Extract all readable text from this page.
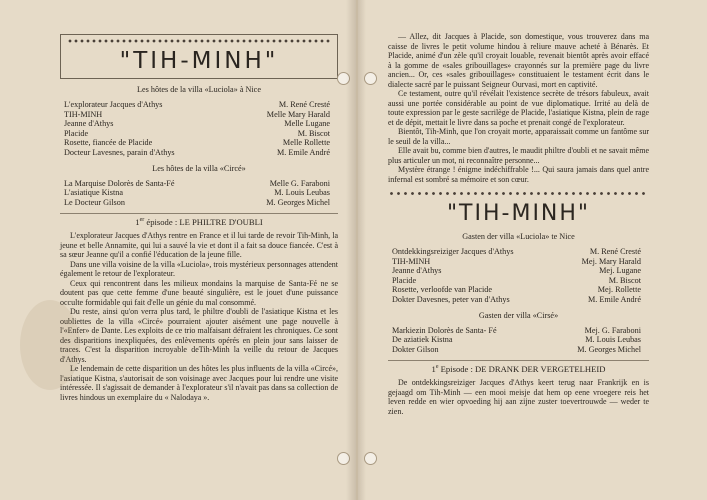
"TIH-MINH"
Les hôtes de la villa «Luciola» à Nice
L'explorateur Jacques d'Athys	M. René Cresté
TIH-MINH	Melle Mary Harald
Jeanne d'Athys	Melle Lugane
Placide	M. Biscot
Rosette, fiancée de Placide	Melle Rollette
Docteur Lavesnes, parain d'Athys	M. Emile André
Les hôtes de la villa «Circé»
La Marquise Dolorès de Santa-Fé	Melle G. Faraboni
L'asiatique Kistna	M. Louis Leubas
Le Docteur Gilson	M. Georges Michel
1er épisode : LE PHILTRE D'OUBLI

L'explorateur Jacques d'Athys rentre en France et il lui tarde de revoir Tih-Minh, la jeune et belle Annamite, qui lui a sauvé la vie et dont il a fait sa douce fiancée. C'est à sa sœur Jeanne qu'il a confié l'éducation de la jeune fille.

Dans une villa voisine de la villa «Luciola», trois mystérieux personnages attendent également le retour de l'explorateur.

Ceux qui rencontrent dans les milieux mondains la marquise de Santa-Fé ne se doutent pas que cette femme d'une beauté singulière, est le jouet d'une puissance occulte formidable qui fait d'elle un génie du mal consommé.

Du reste, ainsi qu'on verra plus tard, le philtre d'oubli de l'asiatique Kistna et les oubliettes de la villa «Circé» pourraient ajouter aisément une page nouvelle à l'«Enfer» de Dante. Les exploits de ce trio malfaisant défraient les chroniques. Ce sont des disparitions inexpliquées, des enlèvements opérés en plein jour sans laisser de traces. C'est la disparition incroyable deTih-Minh la veille du retour de Jacques d'Athys.

Le lendemain de cette disparition un des hôtes les plus influents de la villa «Circé», l'asiatique Kistna, s'autorisait de son voisinage avec Jacques pour lui rendre une visite intéressée. Il s'agissait de demander à l'explorateur s'il n'avait pas dans sa collection de livres hindous un exemplaire du « Nalodaya ».

— Allez, dit Jacques à Placide, son domestique, vous trouverez dans ma caisse de livres le petit volume hindou à reliure mauve acheté à Bénarès. Et Placide, animé d'un zèle qu'il croyait louable, revenait bientôt après avoir effacé à la gomme de «sales gribouillages» crayonnés sur la première page du livre ancien... Or, ces «sales gribouillages» constituaient le testament écrit dans le dialecte sacré par le puissant Seigneur Ourvasi, mort en captivité.

Ce testament, outre qu'il révélait l'existence secrète de trésors fabuleux, avait aussi une portée considérable au point de vue diplomatique. Irrité au delà de toute expression par le geste sacrilège de Placide, l'asiatique Kistna, plein de rage et de dépit, mettait le livre dans sa poche et prenait congé de l'explorateur.

Bientôt, Tih-Minh, que l'on croyait morte, apparaissait comme un fantôme sur le seuil de la villa...

Elle avait bu, comme bien d'autres, le maudit philtre d'oubli et ne savait même plus articuler un mot, ni reconnaître personne...

Mystère étrange ! énigme indéchiffrable !... Qui saura jamais dans quel antre infernal est sombré sa mémoire et son cœur.

"TIH-MINH"
Gasten der villa «Luciola» te Nice
Ontdekkingsreiziger Jacques d'Athys	M. René Cresté
TIH-MINH	Mej. Mary Harald
Jeanne d'Athys	Mej. Lugane
Placide	M. Biscot
Rosette, verloofde van Placide	Mej. Rollette
Dokter Davesnes, peter van d'Athys	M. Emile André
Gasten der villa «Cirsé»
Markiezin Dolorès de Santa- Fé	Mej. G. Faraboni
De aziatiek Kistna	M. Louis Leubas
Dokter Gilson	M. Georges Michel
1e Episode : DE DRANK DER VERGETELHEID

De ontdekkingsreiziger Jacques d'Athys keert terug naar Frankrijk en is gejaagd om Tih-Minh — een mooi meisje dat hem op eene vroegere reis het leven redde en wier opvoeding hij aan zijne zuster toevertrouwde — weder te zien.
